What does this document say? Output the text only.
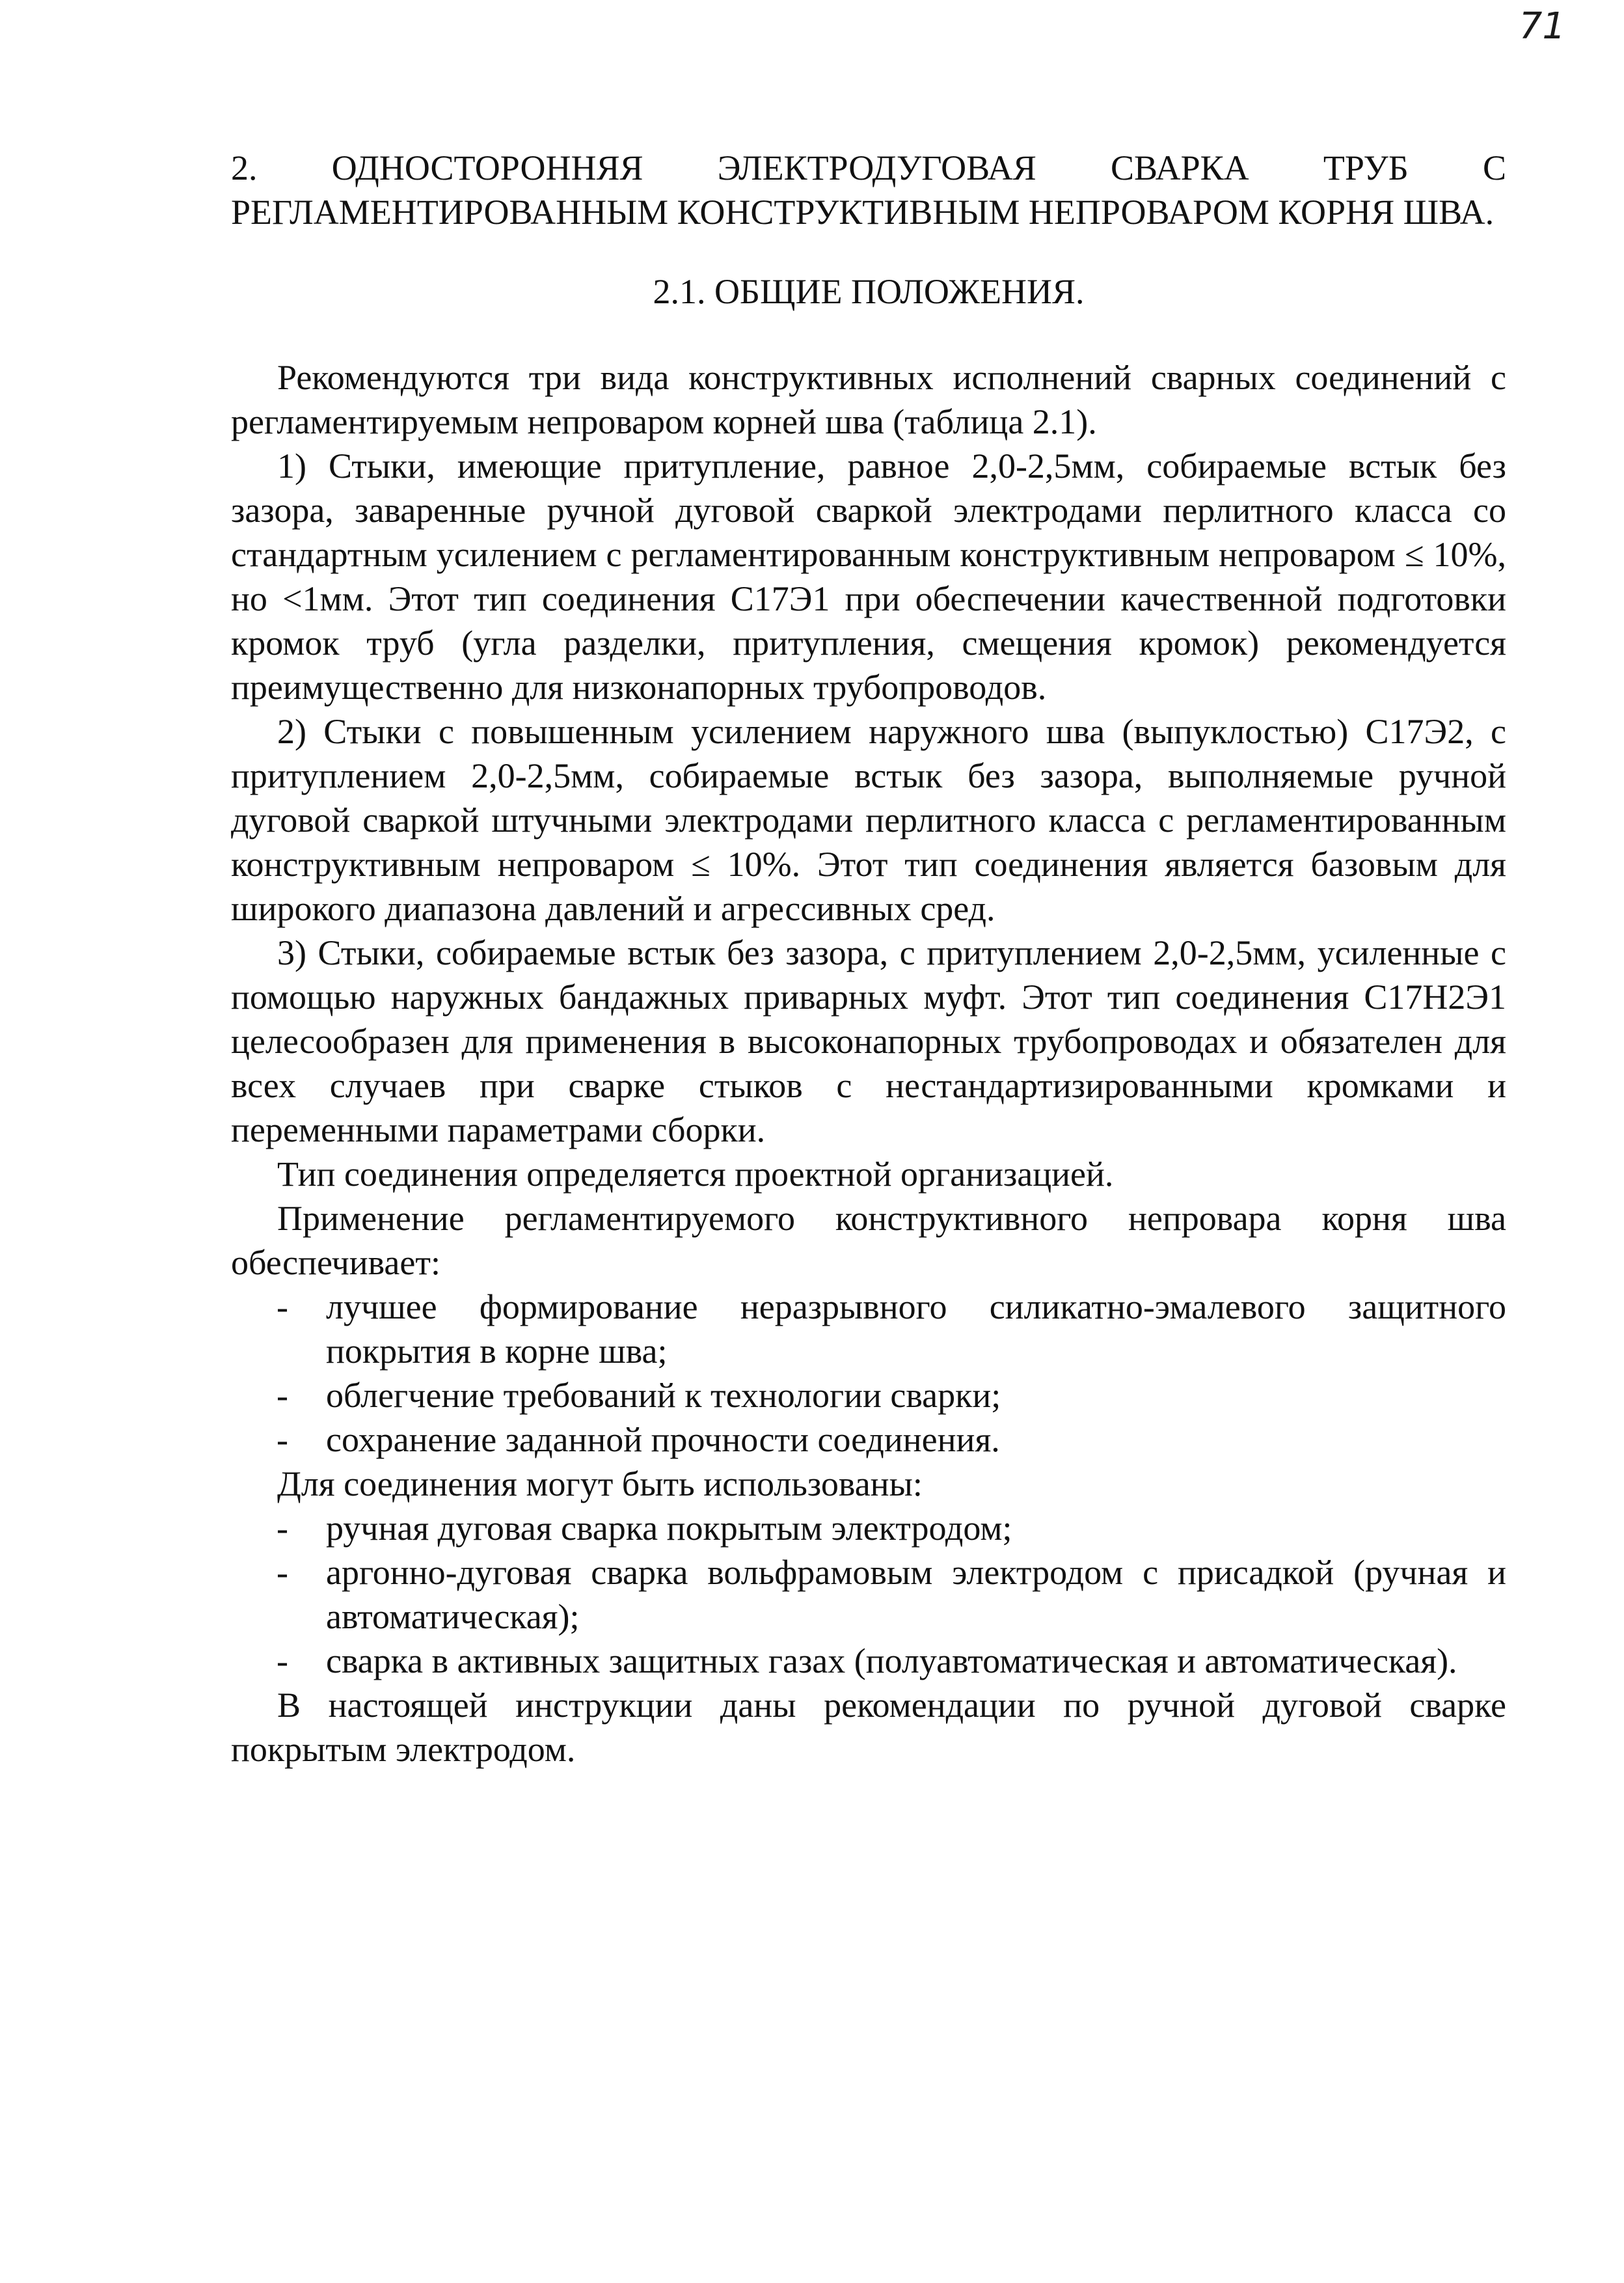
71
2. ОДНОСТОРОННЯЯ ЭЛЕКТРОДУГОВАЯ СВАРКА ТРУБ С РЕГЛАМЕНТИРОВАННЫМ КОНСТРУКТИВНЫМ НЕПРОВАРОМ КОРНЯ ШВА.
2.1. ОБЩИЕ ПОЛОЖЕНИЯ.

Рекомендуются три вида конструктивных исполнений сварных соединений с регламентируемым непроваром корней шва (таблица 2.1).

1) Стыки, имеющие притупление, равное 2,0-2,5мм, собираемые встык без зазора, заваренные ручной дуговой сваркой электродами перлитного класса со стандартным усилением с регламентированным конструктивным непроваром ≤ 10%, но <1мм. Этот тип соединения С17Э1 при обеспечении качественной подготовки кромок труб (угла разделки, притупления, смещения кромок) рекомендуется преимущественно для низконапорных трубопроводов.

2) Стыки с повышенным усилением наружного шва (выпуклостью) С17Э2, с притуплением 2,0-2,5мм, собираемые встык без зазора, выполняемые ручной дуговой сваркой штучными электродами перлитного класса с регламентированным конструктивным непроваром ≤ 10%. Этот тип соединения является базовым для широкого диапазона давлений и агрессивных сред.

3) Стыки, собираемые встык без зазора, с притуплением 2,0-2,5мм, усиленные с помощью наружных бандажных приварных муфт. Этот тип соединения С17Н2Э1 целесообразен для применения в высоконапорных трубопроводах и обязателен для всех случаев при сварке стыков с нестандартизированными кромками и переменными параметрами сборки.

Тип соединения определяется проектной организацией.

Применение регламентируемого конструктивного непровара корня шва обеспечивает:

- лучшее формирование неразрывного силикатно-эмалевого защитного покрытия в корне шва;
- облегчение требований к технологии сварки;
- сохранение заданной прочности соединения.

Для соединения могут быть использованы:

- ручная дуговая сварка покрытым электродом;
- аргонно-дуговая сварка вольфрамовым электродом с присадкой (ручная и автоматическая);
- сварка в активных защитных газах (полуавтоматическая и автоматическая).

В настоящей инструкции даны рекомендации по ручной дуговой сварке покрытым электродом.
